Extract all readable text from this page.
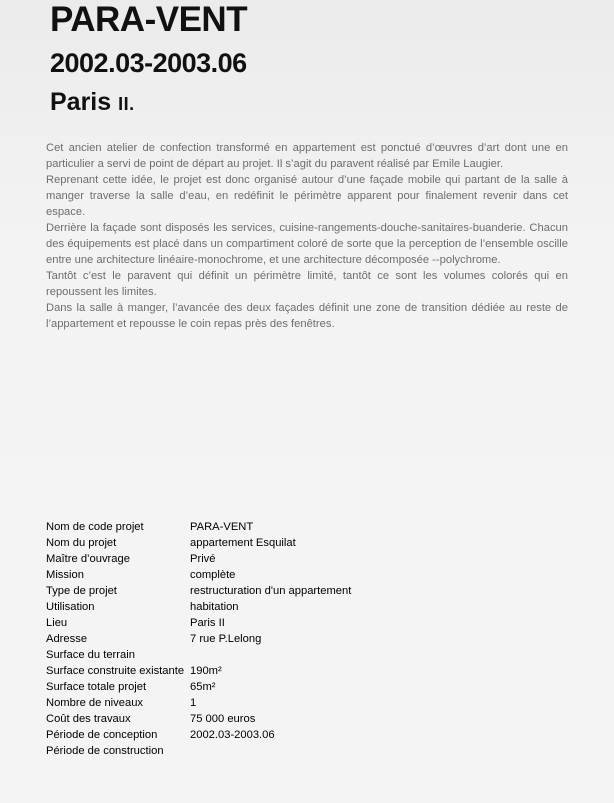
PARA-VENT
2002.03-2003.06
Paris II.

Cet ancien atelier de confection transformé en appartement est ponctué d’œuvres d’art dont une en particulier a servi de point de départ au projet. Il s’agit du paravent réalisé par Emile Laugier.

Reprenant cette idée, le projet est donc organisé autour d’une façade mobile qui partant de la salle à manger traverse la salle d’eau, en redéfinit le périmètre apparent pour finalement revenir dans cet espace.

Derrière la façade sont disposés les services, cuisine-rangements-douche-sanitaires-buanderie. Chacun des équipements est placé dans un compartiment coloré de sorte que la perception de l’ensemble oscille entre une architecture linéaire-monochrome, et une architecture décomposée --polychrome.

Tantôt c’est le paravent qui définit un périmètre limité, tantôt ce sont les volumes colorés qui en repoussent les limites.

Dans la salle à manger, l’avancée des deux façades définit une zone de transition dédiée au reste de l’appartement et repousse le coin repas près des fenêtres.

Nom de code projet	PARA-VENT
Nom du projet	appartement Esquilat
Maître d’ouvrage	Privé
Mission	complète
Type de projet	restructuration d'un appartement
Utilisation	habitation
Lieu	Paris II
Adresse	7 rue P.Lelong
Surface du terrain
Surface construite existante 190m²
Surface totale projet	65m²
Nombre de niveaux	1
Coût des travaux	75 000 euros
Période de conception	2002.03-2003.06
Période de construction
